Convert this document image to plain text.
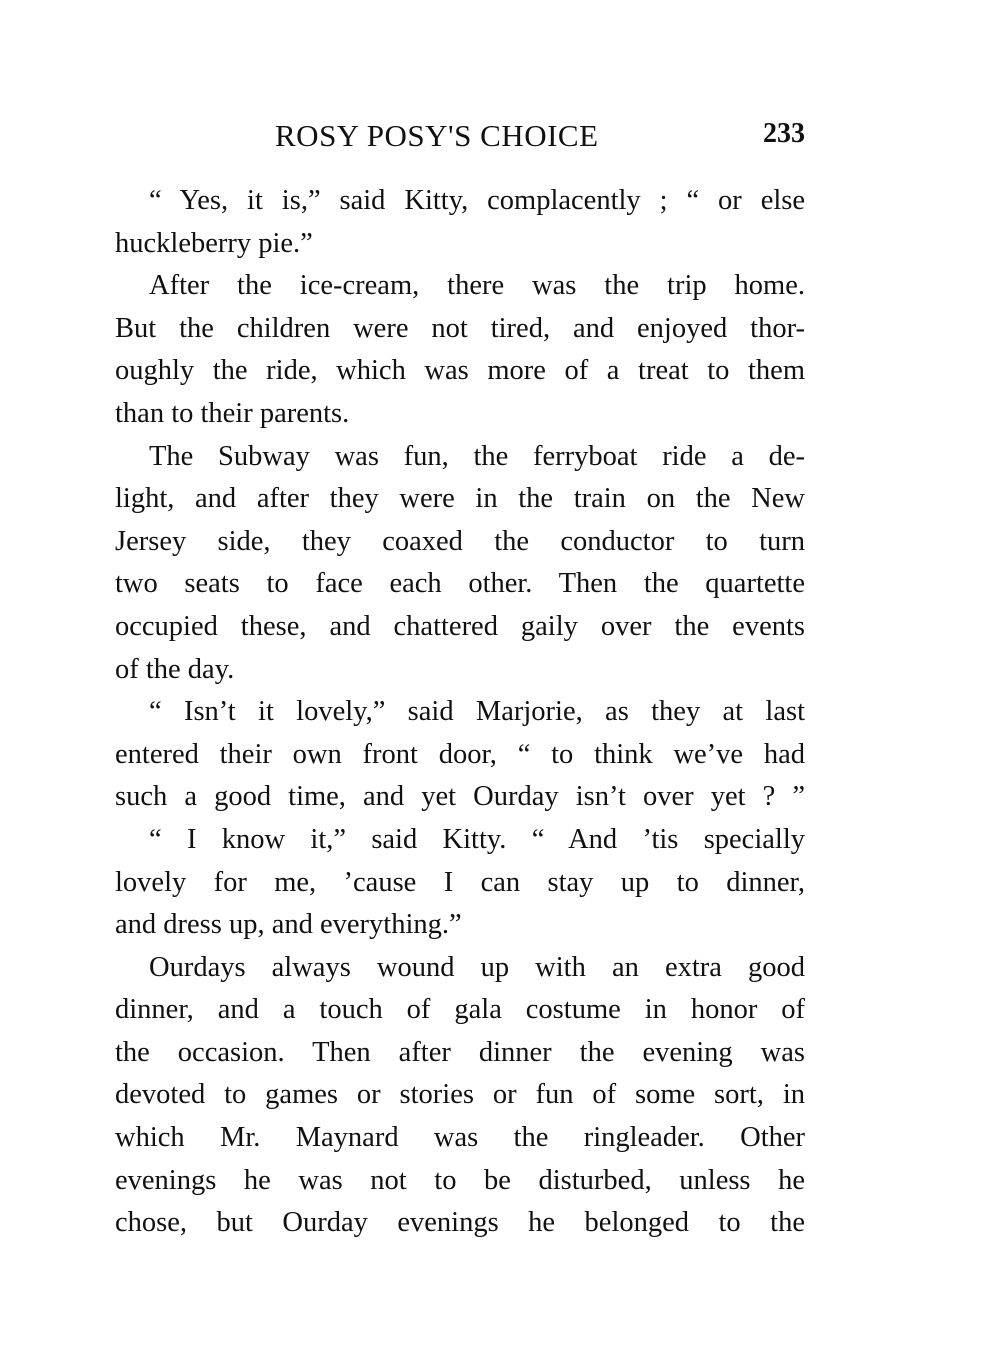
ROSY POSY'S CHOICE	233
“ Yes, it is,” said Kitty, complacently ; “ or else
huckleberry pie.”
After the ice-cream, there was the trip home.
But the children were not tired, and enjoyed thor-
oughly the ride, which was more of a treat to them
than to their parents.
The Subway was fun, the ferryboat ride a de-
light, and after they were in the train on the New
Jersey side, they coaxed the conductor to turn
two seats to face each other. Then the quartette
occupied these, and chattered gaily over the events
of the day.
“ Isn’t it lovely,” said Marjorie, as they at last
entered their own front door, “ to think we’ve had
such a good time, and yet Ourday isn’t over yet ? ”
“ I know it,” said Kitty. “ And ’tis specially
lovely for me, ’cause I can stay up to dinner,
and dress up, and everything.”
Ourdays always wound up with an extra good
dinner, and a touch of gala costume in honor of
the occasion. Then after dinner the evening was
devoted to games or stories or fun of some sort, in
which Mr. Maynard was the ringleader. Other
evenings he was not to be disturbed, unless he
chose, but Ourday evenings he belonged to the
